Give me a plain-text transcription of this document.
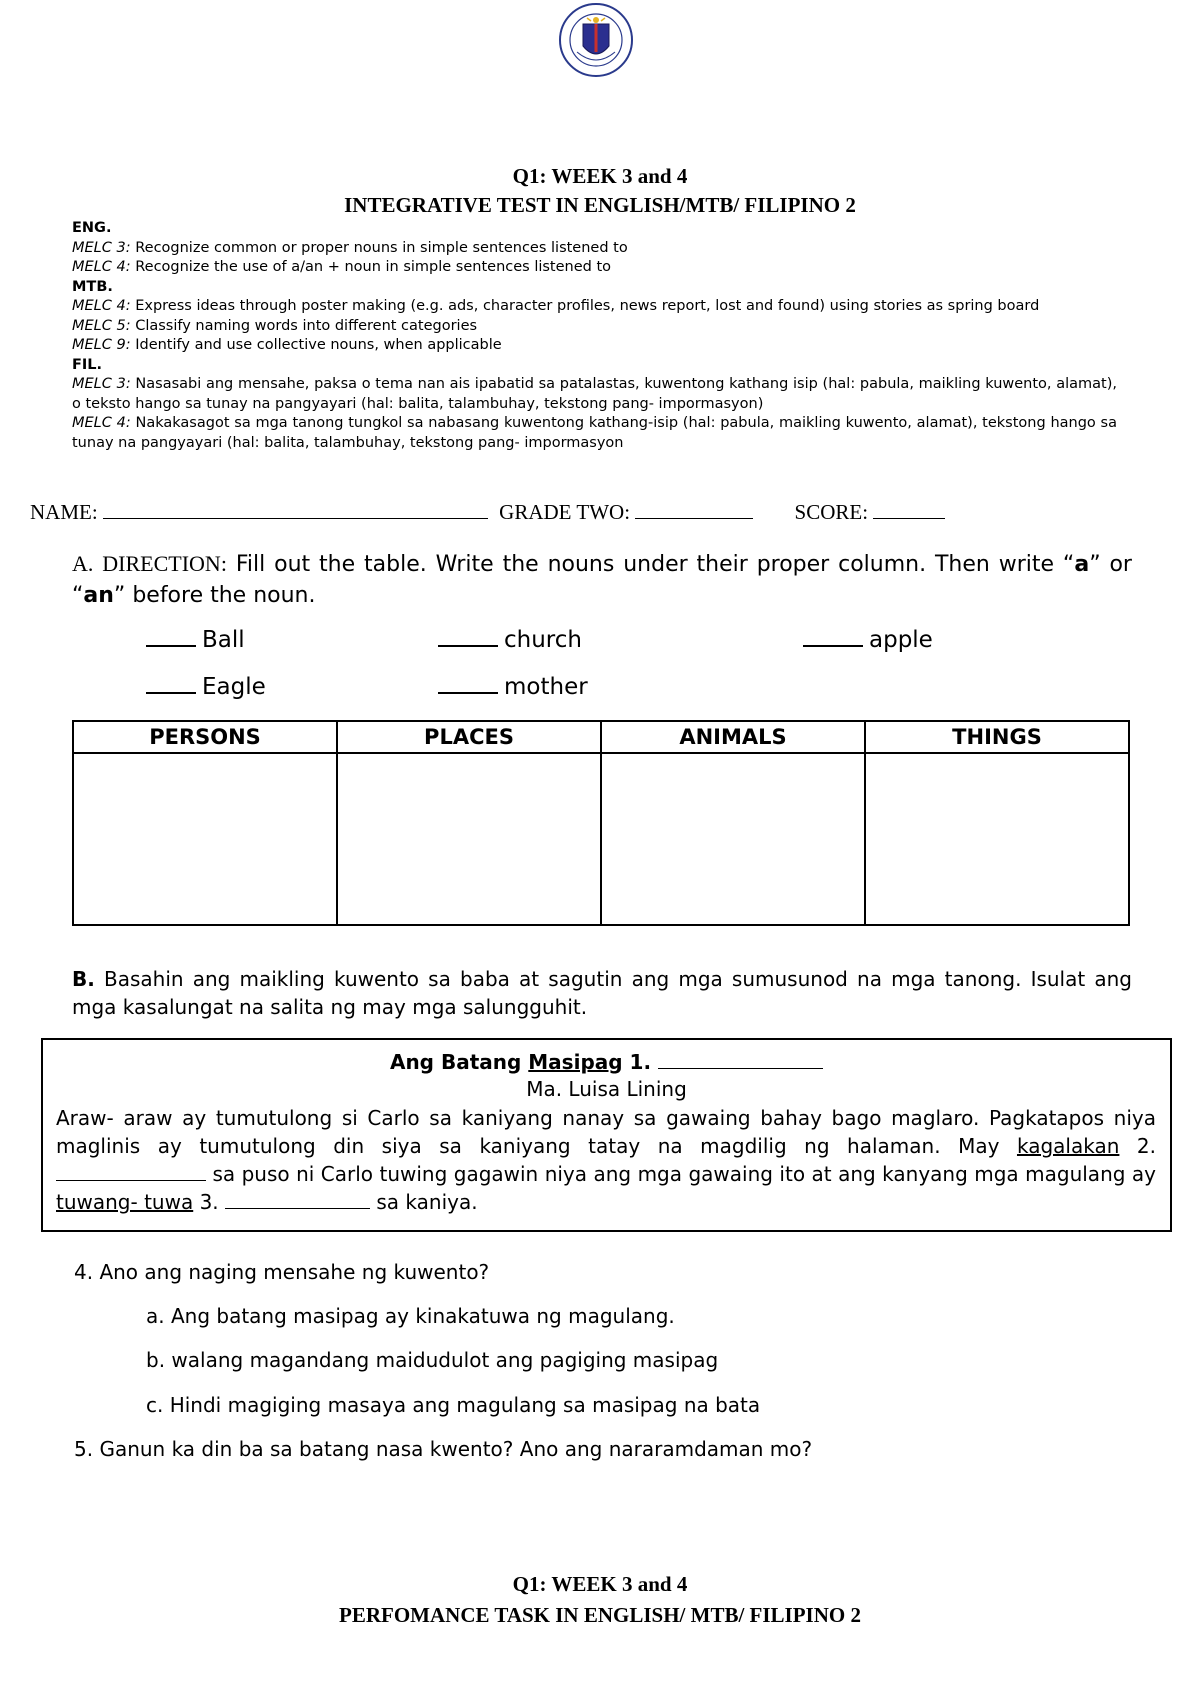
Q1: WEEK 3 and 4
INTEGRATIVE TEST IN ENGLISH/MTB/ FILIPINO 2
ENG.
MELC 3: Recognize common or proper nouns in simple sentences listened to
MELC 4: Recognize the use of a/an + noun in simple sentences listened to
MTB.
MELC 4: Express ideas through poster making (e.g. ads, character profiles, news report, lost and found) using stories as spring board
MELC 5: Classify naming words into different categories
MELC 9: Identify and use collective nouns, when applicable
FIL.
MELC 3: Nasasabi ang mensahe, paksa o tema nan ais ipabatid sa patalastas, kuwentong kathang isip (hal: pabula, maikling kuwento, alamat), o teksto hango sa tunay na pangyayari (hal: balita, talambuhay, tekstong pang- impormasyon)
MELC 4: Nakakasagot sa mga tanong tungkol sa nabasang kuwentong kathang-isip (hal: pabula, maikling kuwento, alamat), tekstong hango sa tunay na pangyayari (hal: balita, talambuhay, tekstong pang- impormasyon
NAME:	GRADE TWO:	SCORE:
A. DIRECTION: Fill out the table. Write the nouns under their proper column. Then write “a” or “an” before the noun.
Ball	church	apple
Eagle	mother
PERSONS	PLACES	ANIMALS	THINGS

B. Basahin ang maikling kuwento sa baba at sagutin ang mga sumusunod na mga tanong. Isulat ang mga kasalungat na salita ng may mga salungguhit.
Ang Batang Masipag 1.
Ma. Luisa Lining
Araw- araw ay tumutulong si Carlo sa kaniyang nanay sa gawaing bahay bago maglaro. Pagkatapos niya maglinis ay tumutulong din siya sa kaniyang tatay na magdilig ng halaman. May kagalakan 2.  sa puso ni Carlo tuwing gagawin niya ang mga gawaing ito at ang kanyang mga magulang ay tuwang- tuwa 3.	sa kaniya.
4. Ano ang naging mensahe ng kuwento?
a. Ang batang masipag ay kinakatuwa ng magulang.
b. walang magandang maidudulot ang pagiging masipag
c. Hindi magiging masaya ang magulang sa masipag na bata
5. Ganun ka din ba sa batang nasa kwento? Ano ang nararamdaman mo?
Q1: WEEK 3 and 4
PERFOMANCE TASK IN ENGLISH/ MTB/ FILIPINO 2
